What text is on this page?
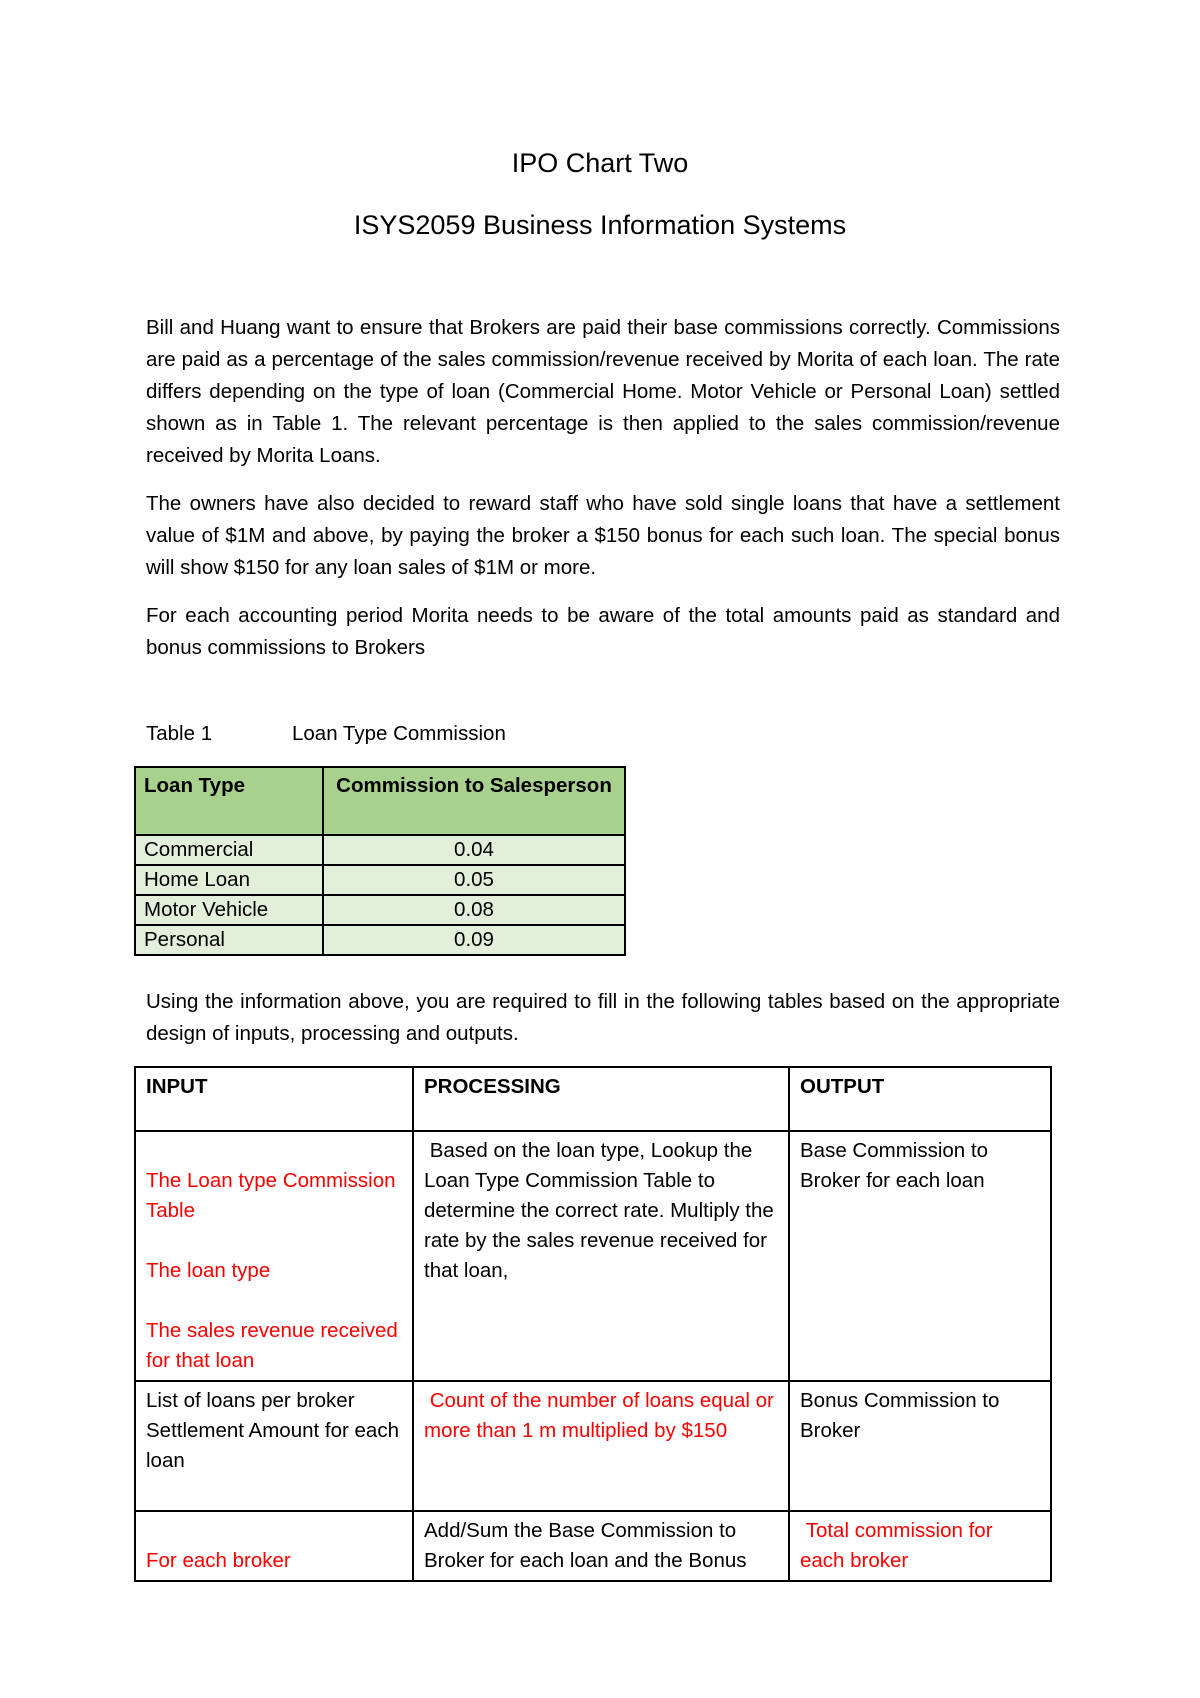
IPO Chart Two
ISYS2059 Business Information Systems

Bill and Huang want to ensure that Brokers are paid their base commissions correctly. Commissions are paid as a percentage of the sales commission/revenue received by Morita of each loan. The rate differs depending on the type of loan (Commercial Home. Motor Vehicle or Personal Loan) settled shown as in Table 1. The relevant percentage is then applied to the sales commission/revenue received by Morita Loans.

The owners have also decided to reward staff who have sold single loans that have a settlement value of $1M and above, by paying the broker a $150 bonus for each such loan. The special bonus will show $150 for any loan sales of $1M or more.

For each accounting period Morita needs to be aware of the total amounts paid as standard and bonus commissions to Brokers

Table 1	Loan Type Commission
Loan Type	Commission to Salesperson
Commercial	0.04
Home Loan	0.05
Motor Vehicle	0.08
Personal	0.09

Using the information above, you are required to fill in the following tables based on the appropriate design of inputs, processing and outputs.

INPUT	PROCESSING	OUTPUT

The Loan type Commission Table
The loan type
The sales revenue received for that loan	Based on the loan type, Lookup the Loan Type Commission Table to determine the correct rate. Multiply the rate by the sales revenue received for that loan,	Base Commission to Broker for each loan

List of loans per broker
Settlement Amount for each loan	Count of the number of loans equal or more than 1 m multiplied by $150	Bonus Commission to Broker

For each broker	Add/Sum the Base Commission to Broker for each loan and the Bonus	Total commission for each broker
